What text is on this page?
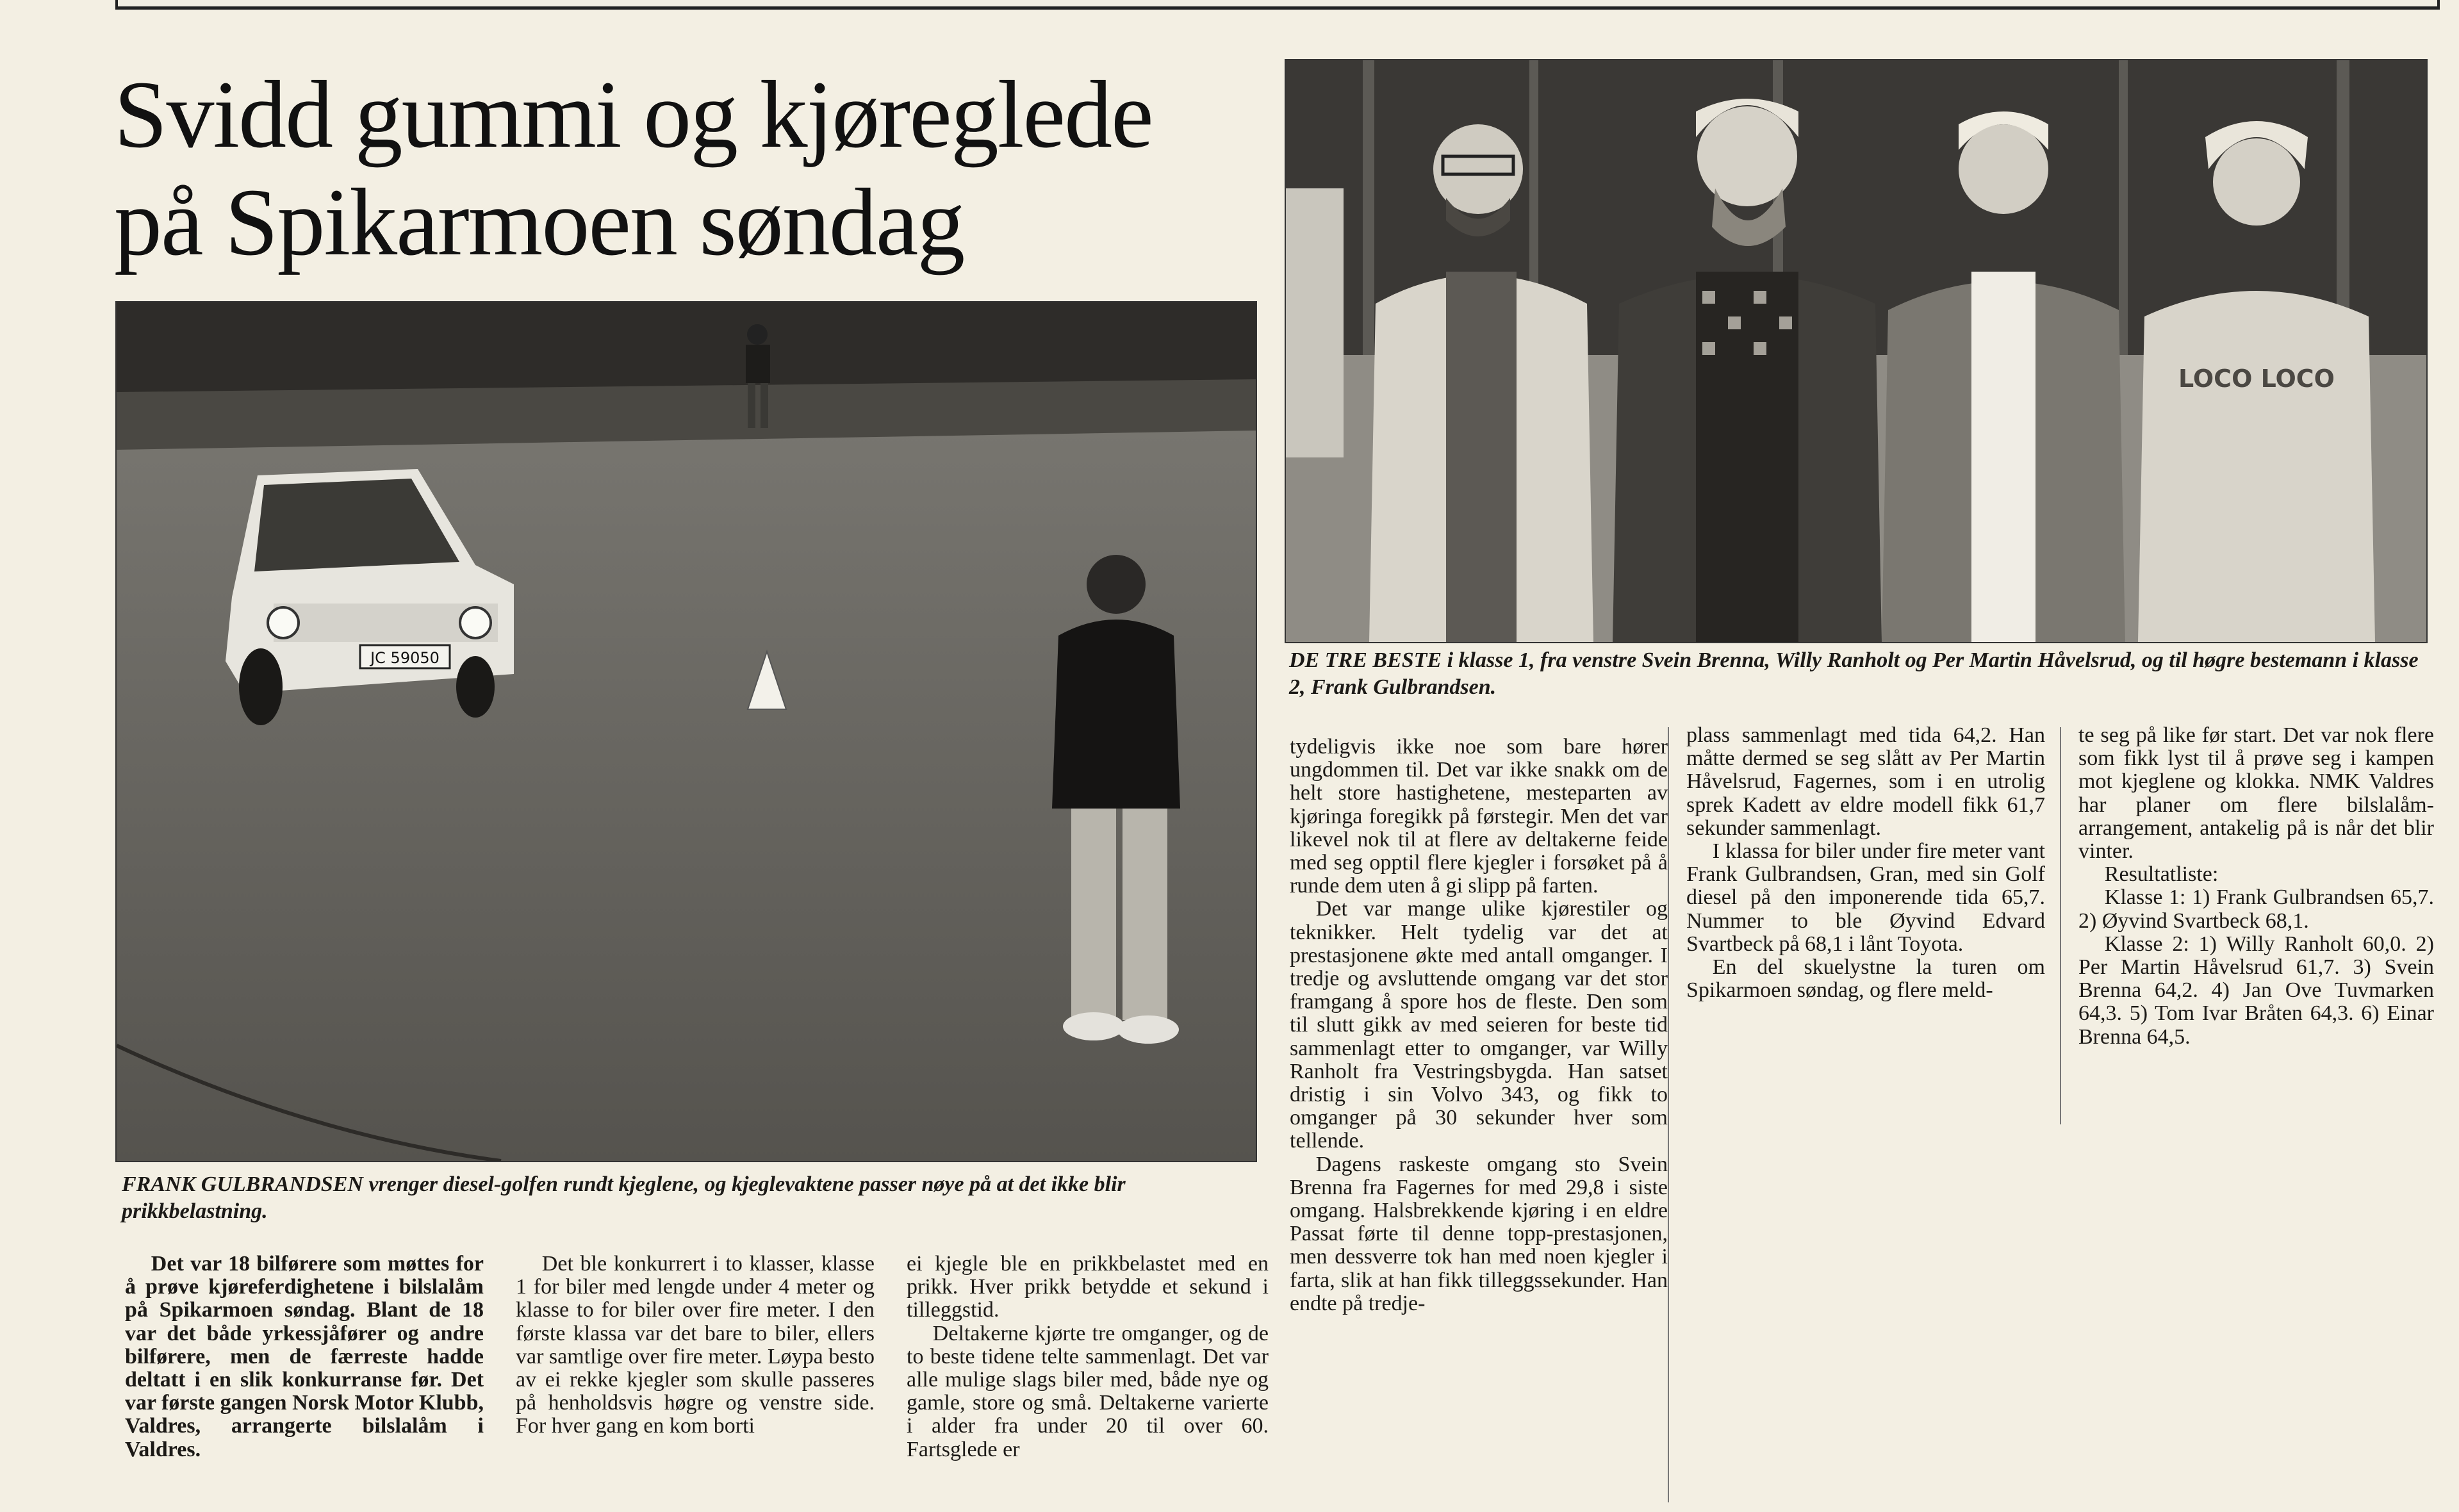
Svidd gummi og kjøreglede
på Spikarmoen søndag
JC 59050

FRANK GULBRANDSEN vrenger diesel-golfen rundt kjeglene, og kjeglevaktene passer nøye på at det ikke blir prikkbelastning.

LOCO LOCO

DE TRE BESTE i klasse 1, fra venstre Svein Brenna, Willy Ranholt og Per Martin Håvelsrud, og til høgre bestemann i klasse 2, Frank Gulbrandsen.

Det var 18 bilførere som møttes for å prøve kjøreferdighetene i bilslalåm på Spikarmoen søndag. Blant de 18 var det både yrkessjåfører og andre bilførere, men de færreste hadde deltatt i en slik konkurranse før. Det var første gangen Norsk Motor Klubb, Valdres, arrangerte bilslalåm i Valdres.

Det ble konkurrert i to klasser, klasse 1 for biler med lengde under 4 meter og klasse to for biler over fire meter. I den første klassa var det bare to biler, ellers var samtlige over fire meter. Løypa besto av ei rekke kjegler som skulle passeres på henholdsvis høgre og venstre side. For hver gang en kom borti

ei kjegle ble en prikkbelastet med en prikk. Hver prikk betydde et sekund i tilleggstid.

Deltakerne kjørte tre omganger, og de to beste tidene telte sammenlagt. Det var alle mulige slags biler med, både nye og gamle, store og små. Deltakerne varierte i alder fra under 20 til over 60. Fartsglede er

tydeligvis ikke noe som bare hører ungdommen til. Det var ikke snakk om de helt store hastighetene, mesteparten av kjøringa foregikk på førstegir. Men det var likevel nok til at flere av deltakerne feide med seg opptil flere kjegler i forsøket på å runde dem uten å gi slipp på farten.

Det var mange ulike kjørestiler og teknikker. Helt tydelig var det at prestasjonene økte med antall omganger. I tredje og avsluttende omgang var det stor framgang å spore hos de fleste. Den som til slutt gikk av med seieren for beste tid sammenlagt etter to omganger, var Willy Ranholt fra Vestringsbygda. Han satset dristig i sin Volvo 343, og fikk to omganger på 30 sekunder hver som tellende.

Dagens raskeste omgang sto Svein Brenna fra Fagernes for med 29,8 i siste omgang. Halsbrekkende kjøring i en eldre Passat førte til denne topp-prestasjonen, men dessverre tok han med noen kjegler i farta, slik at han fikk tilleggssekunder. Han endte på tredje-

plass sammenlagt med tida 64,2. Han måtte dermed se seg slått av Per Martin Håvelsrud, Fagernes, som i en utrolig sprek Kadett av eldre modell fikk 61,7 sekunder sammenlagt.

I klassa for biler under fire meter vant Frank Gulbrandsen, Gran, med sin Golf diesel på den imponerende tida 65,7. Nummer to ble Øyvind Edvard Svartbeck på 68,1 i lånt Toyota.

En del skuelystne la turen om Spikarmoen søndag, og flere meld-

te seg på like før start. Det var nok flere som fikk lyst til å prøve seg i kampen mot kjeglene og klokka. NMK Valdres har planer om flere bilslalåm-arrangement, antakelig på is når det blir vinter.

Resultatliste:

Klasse 1: 1) Frank Gulbrandsen 65,7. 2) Øyvind Svartbeck 68,1.

Klasse 2: 1) Willy Ranholt 60,0. 2) Per Martin Håvelsrud 61,7. 3) Svein Brenna 64,2. 4) Jan Ove Tuvmarken 64,3. 5) Tom Ivar Bråten 64,3. 6) Einar Brenna 64,5.
